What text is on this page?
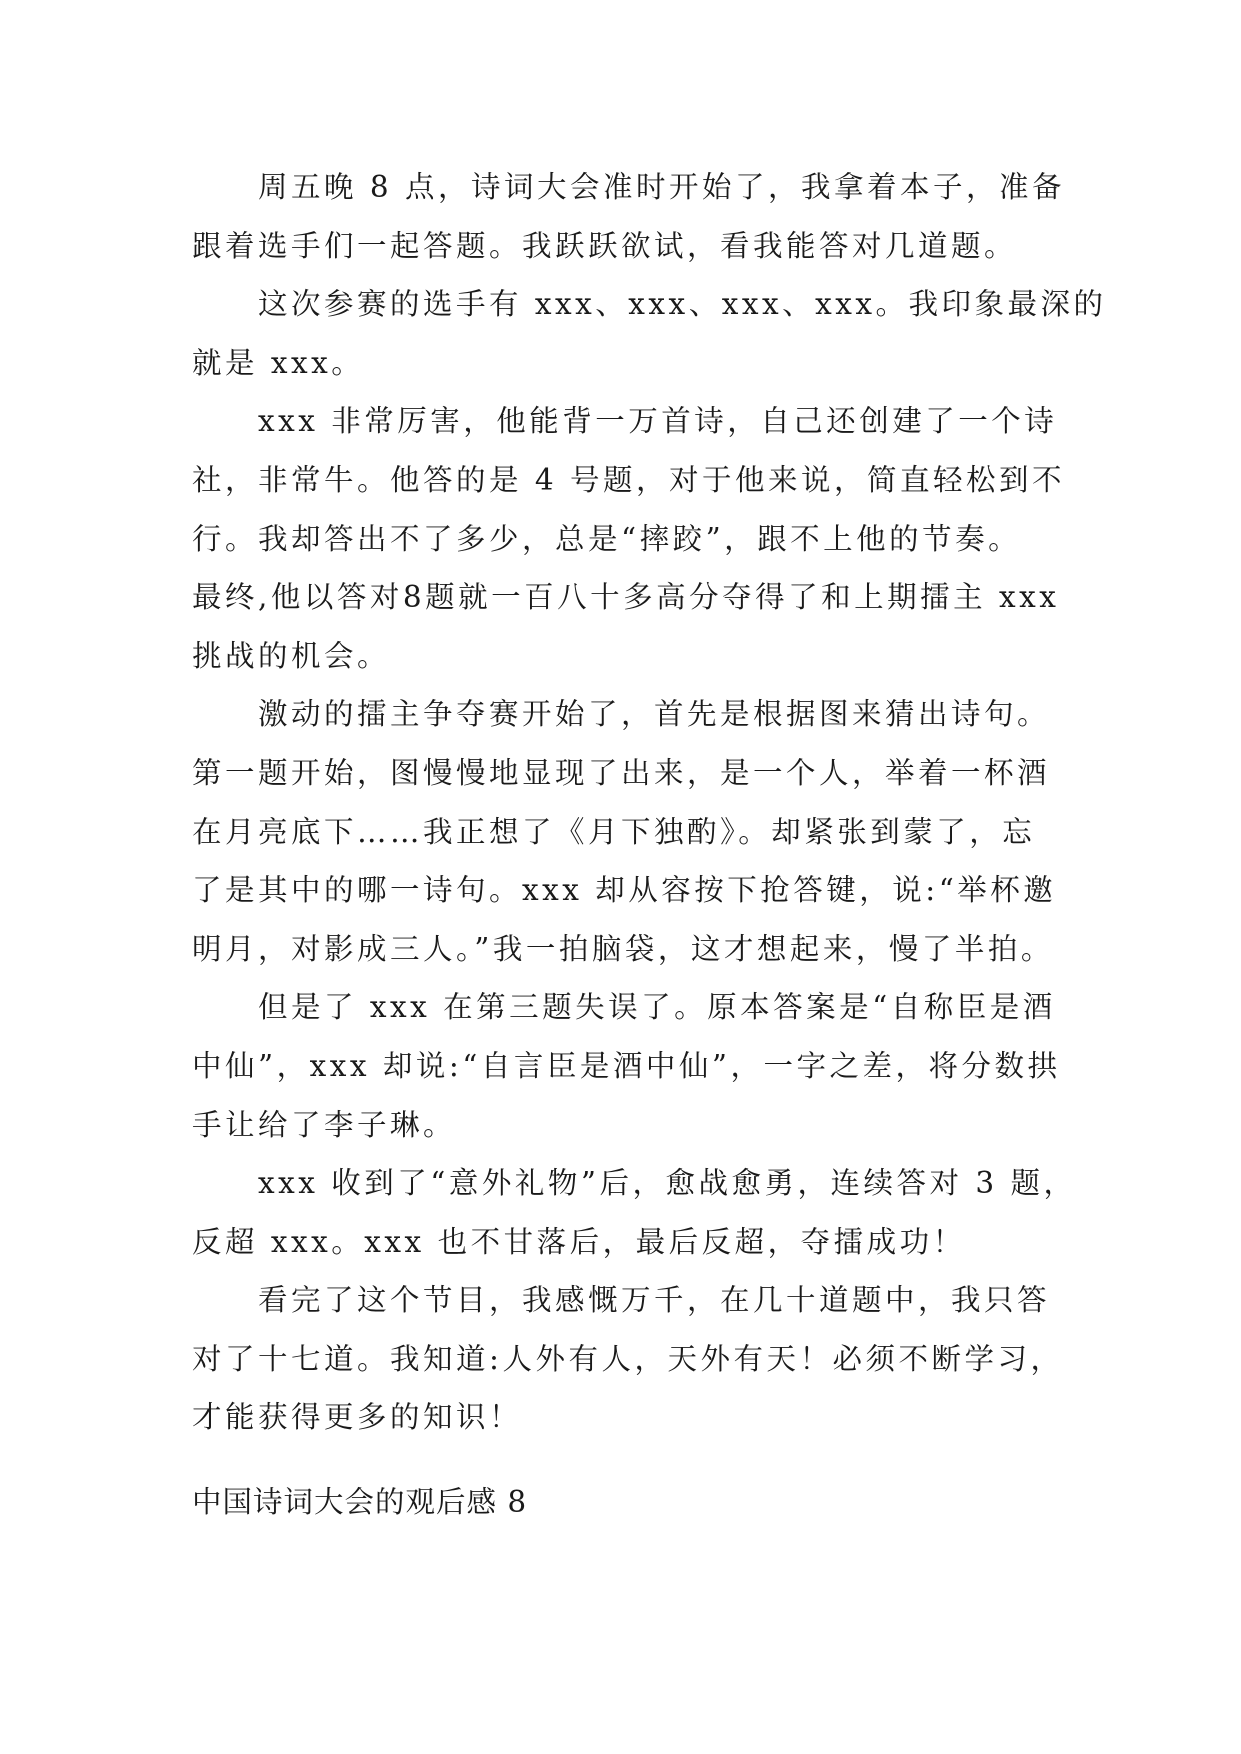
周五晚 8 点，诗词大会准时开始了，我拿着本子，准备
跟着选手们一起答题。我跃跃欲试，看我能答对几道题。

这次参赛的选手有 xxx、xxx、xxx、xxx。我印象最深的
就是 xxx。

xxx 非常厉害，他能背一万首诗，自己还创建了一个诗
社，非常牛。他答的是 4 号题，对于他来说，简直轻松到不
行。我却答出不了多少，总是“摔跤”，跟不上他的节奏。
最终,他以答对8题就一百八十多高分夺得了和上期擂主 xxx
挑战的机会。

激动的擂主争夺赛开始了，首先是根据图来猜出诗句。
第一题开始，图慢慢地显现了出来，是一个人，举着一杯酒
在月亮底下……我正想了《月下独酌》。却紧张到蒙了，忘
了是其中的哪一诗句。xxx 却从容按下抢答键，说:“举杯邀
明月，对影成三人。”我一拍脑袋，这才想起来，慢了半拍。

但是了 xxx 在第三题失误了。原本答案是“自称臣是酒
中仙”，xxx 却说:“自言臣是酒中仙”，一字之差，将分数拱
手让给了李子琳。

xxx 收到了“意外礼物”后，愈战愈勇，连续答对 3 题，
反超 xxx。xxx 也不甘落后，最后反超，夺擂成功！

看完了这个节目，我感慨万千，在几十道题中，我只答
对了十七道。我知道:人外有人，天外有天！必须不断学习，
才能获得更多的知识！

中国诗词大会的观后感 8
